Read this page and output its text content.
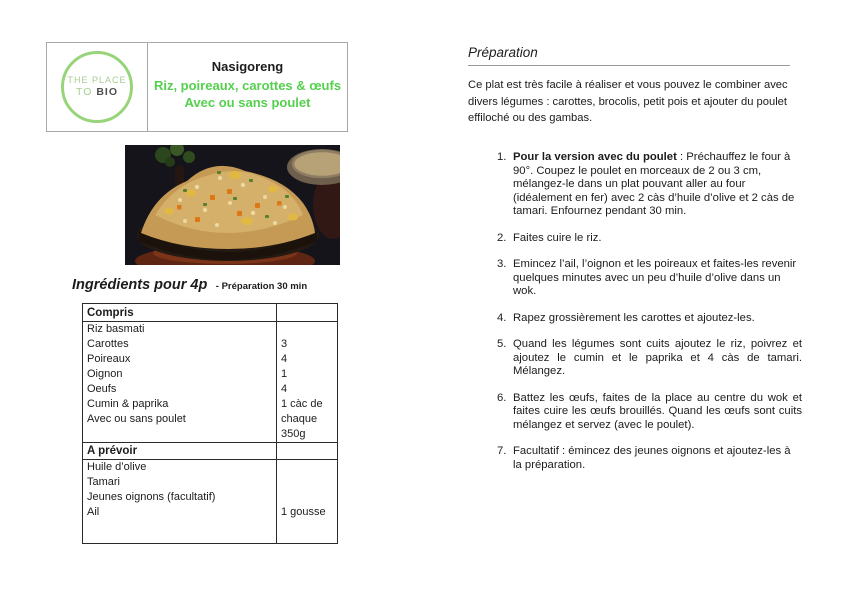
THE PLACE
TO BIO
Nasigoreng
Riz, poireaux, carottes & œufs
Avec ou sans poulet
Ingrédients pour 4p - Préparation 30 min
Compris
Riz basmati
Carottes
Poireaux
Oignon
Oeufs
Cumin & paprika
Avec ou sans poulet
3
4
1
4
1 càc de
chaque
350g
A prévoir
Huile d’olive
Tamari
Jeunes oignons (facultatif)
Ail	1 gousse
Préparation
Ce plat est très facile à réaliser et vous pouvez le combiner avec divers légumes : carottes, brocolis, petit pois et ajouter du poulet effiloché ou des gambas.
1. Pour la version avec du poulet : Préchauffez le four à 90°. Coupez le poulet en morceaux de 2 ou 3 cm, mélangez-le dans un plat pouvant aller au four (idéalement en fer) avec 2 càs d’huile d’olive et 2 càs de tamari. Enfournez pendant 30 min.
2. Faites cuire le riz.
3. Emincez l’ail, l’oignon et les poireaux et faites-les revenir quelques minutes avec un peu d’huile d’olive dans un wok.
4. Rapez grossièrement les carottes et ajoutez-les.
5. Quand les légumes sont cuits ajoutez le riz, poivrez et ajoutez le cumin et le paprika et 4 càs de tamari. Mélangez.
6. Battez les œufs, faites de la place au centre du wok et faites cuire les œufs brouillés. Quand les œufs sont cuits mélangez et servez (avec le poulet).
7. Facultatif : émincez des jeunes oignons et ajoutez-les à la préparation.
